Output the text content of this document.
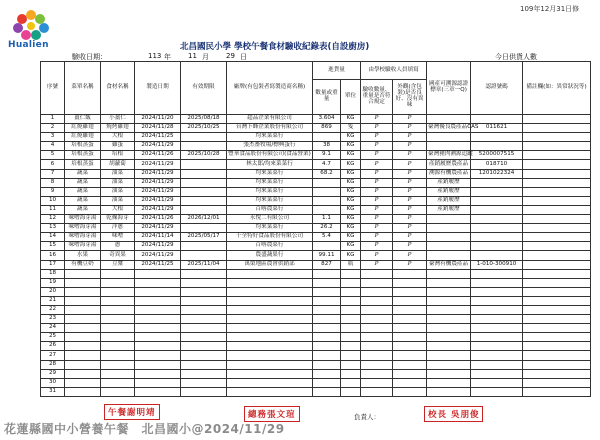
Hualien
109年12月31日修
北昌國民小學 學校午餐食材驗收紀錄表(自設廚房)
驗收日期：	113 年 11 月 29 日	今日供貨人數
序號	菜單名稱	食材名稱	製造日期	有效期限	廠牌(有包裝者寫製造商名稱)	進貨量		由學校驗收人員填寫		國產可溯源認證標章(三章一Q)	認證號碼	備註欄(如：異常狀況等)
						數量或重量	單位	驗收數量、重量是否符合規定	外觀(含包裝)是否良好、沒有異味			
1	薑仁飯	小薑仁	2024/11/20	2025/08/18	超品企業有限公司	3.604	KG	P	P			
2	紅燒雞翅	燒烤雞翅	2024/11/28	2025/10/25	台灣卜蜂企業股份有限公司	869	隻	P	P	臺灣優良農產品CAS	011621	
3	紅燒雞翅	大根	2024/11/25		均來菜菜行		KG	P	P			
4	培根蒸蛋	雞蛋	2024/11/29		張杰畜牧場/標興蛋行	38	KG	P	P			
5	培根蒸蛋	培根	2024/11/26	2025/10/28	豐華食品股份有限公司(食品營業)	9.1	KG	P	P	臺灣豬肉溯源追蹤	5200007515	
6	培根蒸蛋	胡蘿蔔	2024/11/29		林太郎/均來菜菜行	4.7	KG	P	P	產銷履歷農產品	018710	
7	蔬菜	油菜	2024/11/29		均來菜菜行	68.2	KG	P	P	溯源有機農產品	1201022324	
8	蔬菜	油菜	2024/11/29		均來菜菜行		KG	P	P	產銷履歷		
9	蔬菜	油菜	2024/11/29		均來菜菜行		KG	P	P	產銷履歷		
10	蔬菜	油菜	2024/11/29		均來菜菜行		KG	P	P	產銷履歷		
11	蔬菜	大根	2024/11/29		百喀農菜行		KG	P	P	產銷履歷		
12	味噌海芽湯	乾燥海芽	2024/11/26	2026/12/01	永悅二有限公司	1.1	KG	P	P			
13	味噌海芽湯	洋蔥	2024/11/29		均來菜菜行	26.2	KG	P	P			
14	味噌海芽湯	味噌	2024/11/14	2025/05/17	十全特好食品股份有限公司	5.4	KG	P	P			
15	味噌海芽湯	蔥	2024/11/29		百喀農菜行		KG	P	P			
16	水果	奇異果	2024/11/29		農盛蔬果行	99.11	KG	P	P			
17	有機豆奶	豆漿	2024/11/25	2025/11/04	萬榮地區農會供銷部	827	瓶	P	P	臺灣有機農產品	1-010-300910	
18												
19												
20												
21												
22												
23												
24												
25												
26												
27												
28												
29												
30												
31												
午餐謝明靖	總務張文瑄	負責人：	校長 吳朋俊
花蓮縣國中小營養午餐　北昌國小@2024/11/29
